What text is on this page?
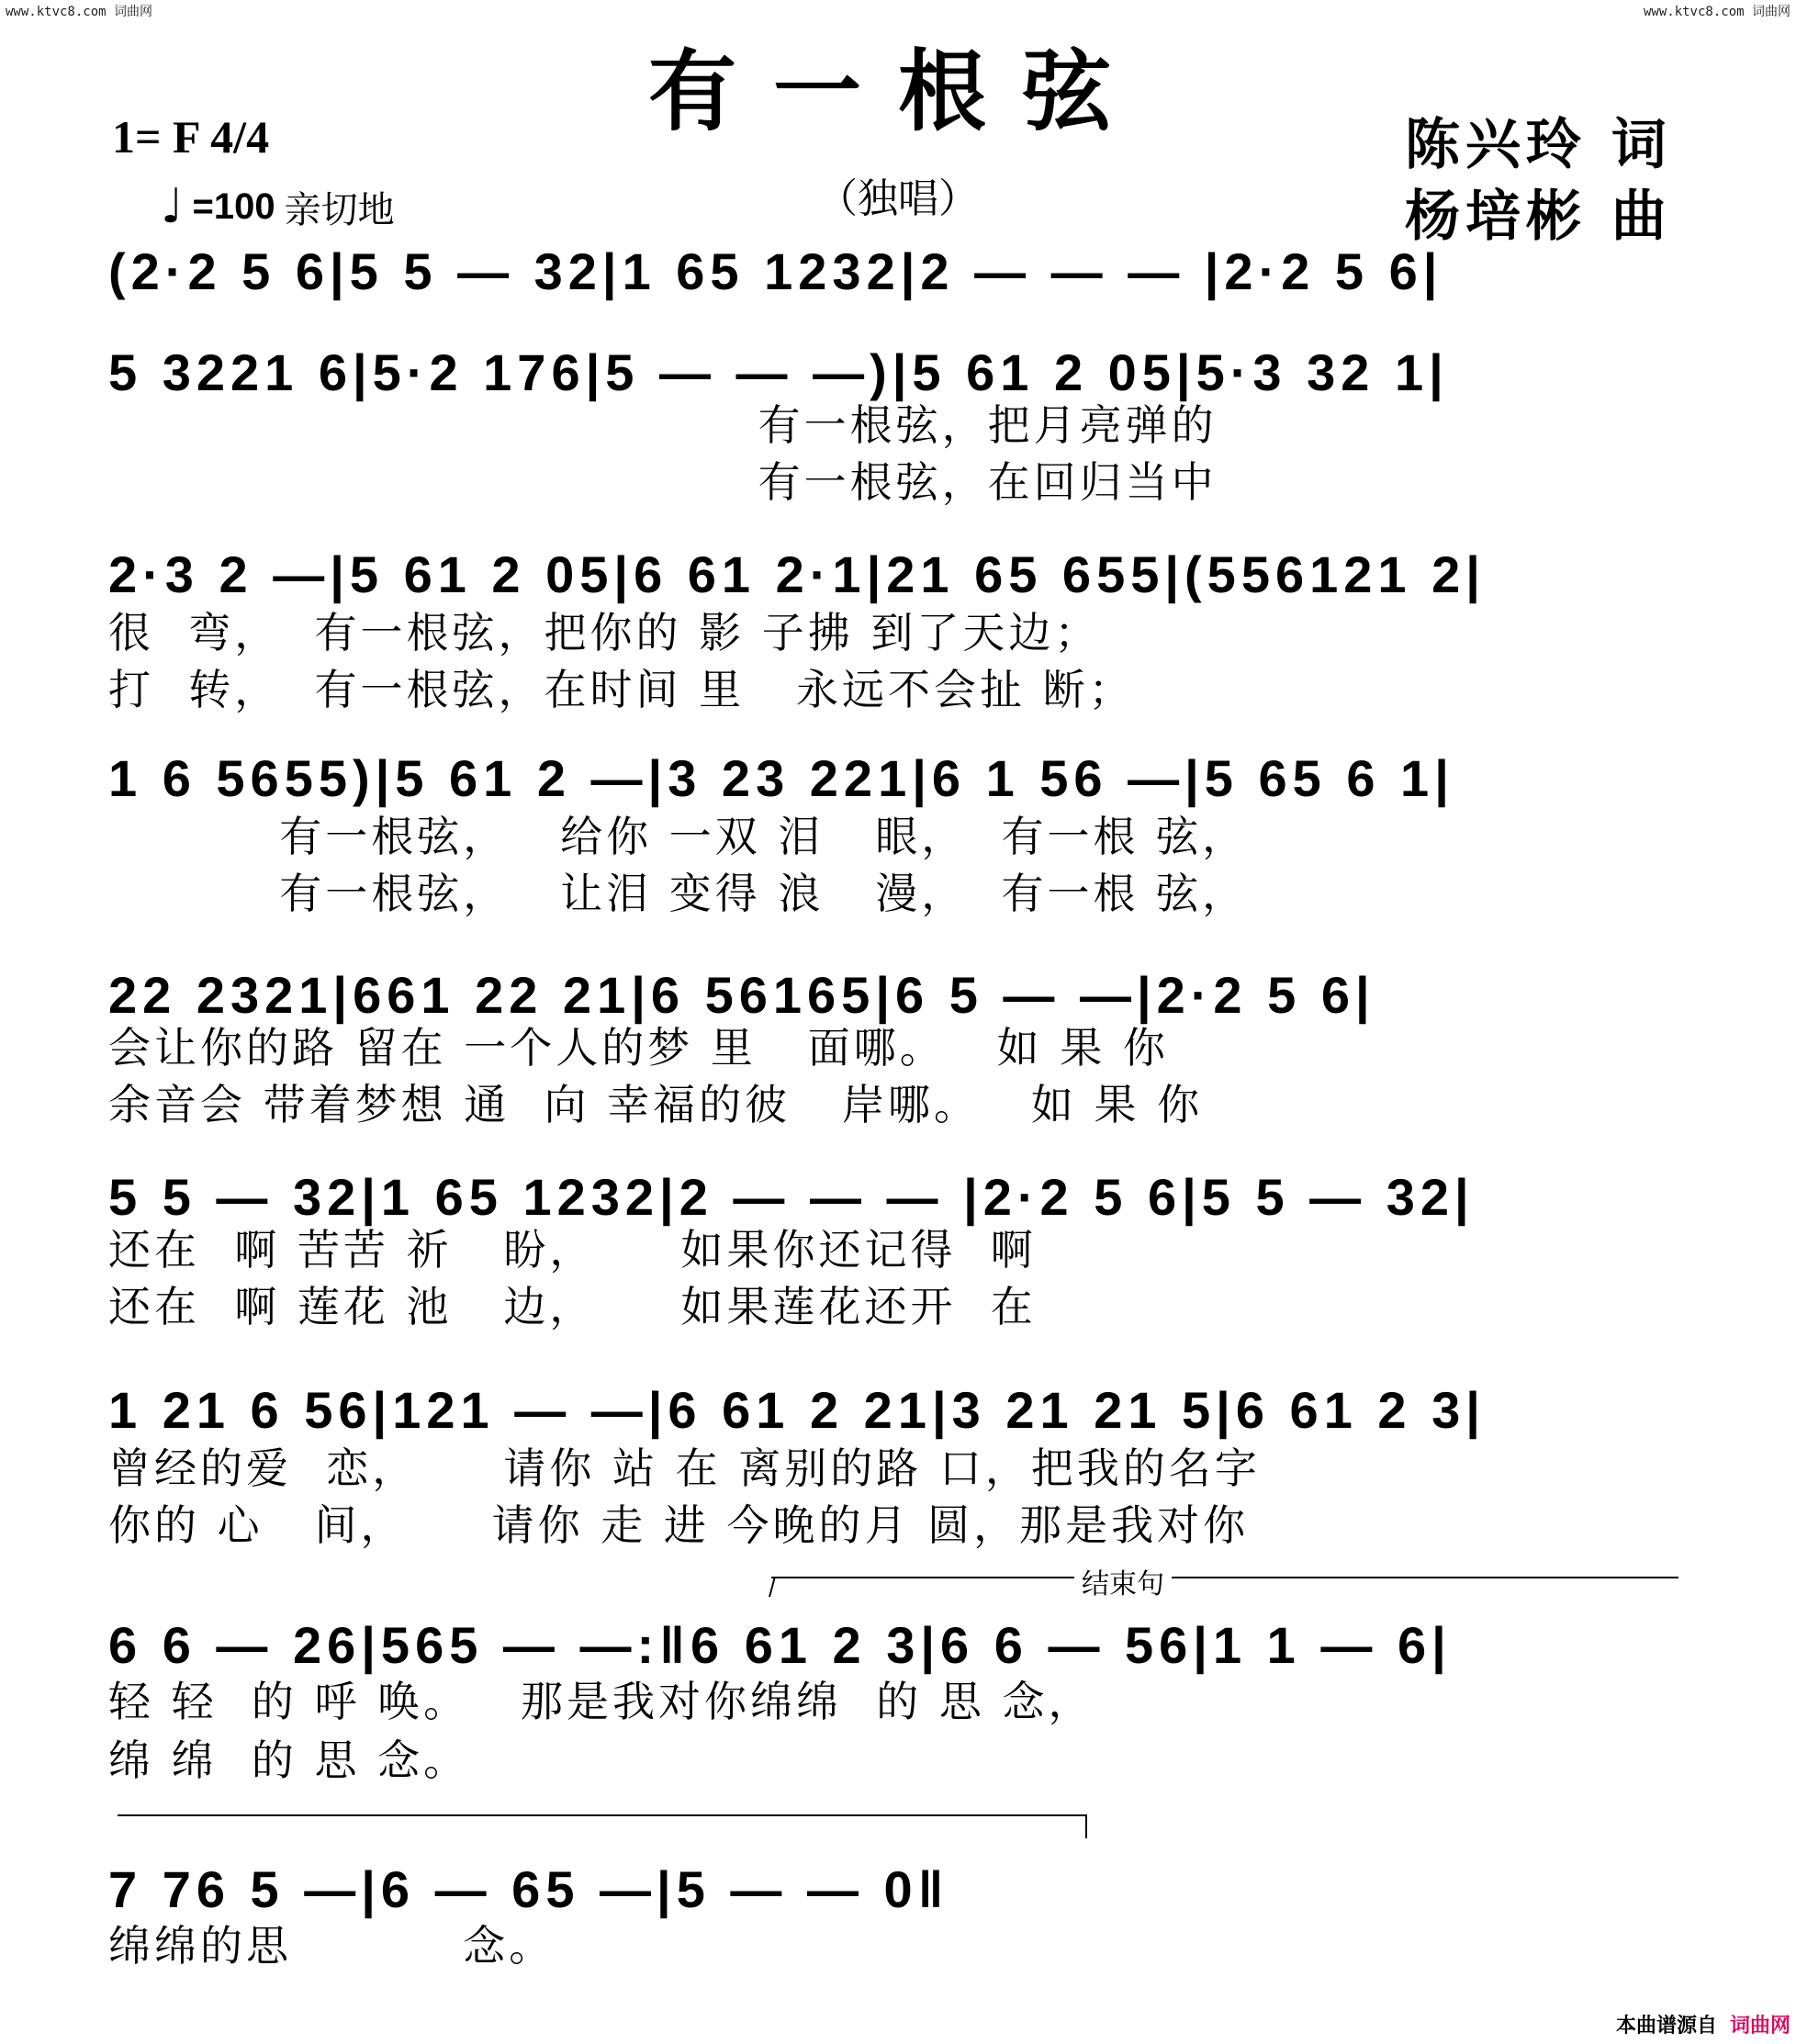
www.ktvc8.com 词曲网	www.ktvc8.com 词曲网
有一根弦
（独唱）
1= F 4/4
♩ =100 亲切地
陈兴玲 词
杨培彬 曲
(2·2 5 6|5 5 — 32|1 65 1232|2 — — — |2·2 5 6|
5 3221 6|5·2 176|5 — — —)|5 61 2 05|5·3 32 1|
有一根弦，把月亮弹的
有一根弦，在回归当中
2·3 2 —|5 61 2 05|6 61 2·1|21 65 655|(556121 2|
很  弯，  有一根弦，把你的 影 子拂 到了天边；
打  转，  有一根弦，在时间 里   永远不会扯 断；
1 6 5655)|5 61 2 —|3 23 221|6 1 56 —|5 65 6 1|
有一根弦，   给你 一双 泪   眼，  有一根 弦，
有一根弦，   让泪 变得 浪   漫，  有一根 弦，
22 2321|661 22 21|6 56165|6 5 — —|2·2 5 6|
会让你的路 留在 一个人的梦 里   面哪。   如 果 你
余音会 带着梦想 通  向 幸福的彼   岸哪。   如 果 你
5 5 — 32|1 65 1232|2 — — — |2·2 5 6|5 5 — 32|
还在  啊 苦苦 祈   盼，     如果你还记得  啊
还在  啊 莲花 池   边，     如果莲花还开  在
1 21 6 56|121 — —|6 61 2 21|3 21 21 5|6 61 2 3|
曾经的爱  恋，     请你 站 在 离别的路 口，把我的名字
你的 心   间，     请你 走 进 今晚的月 圆，那是我对你
结束句
6 6 — 26|565 — —:‖6 61 2 3|6 6 — 56|1 1 — 6|
轻 轻  的 呼 唤。   那是我对你绵绵  的 思 念，
绵 绵  的 思 念。
7 76 5 —|6 — 65 —|5 — — 0‖
绵绵的思          念。
本曲谱源自 词曲网
